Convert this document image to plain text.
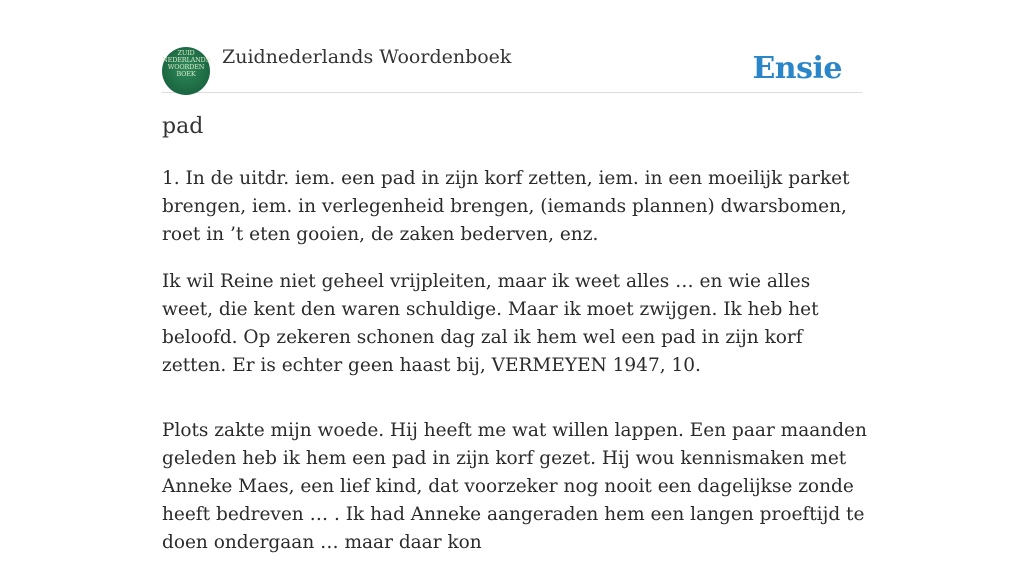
ZUID
NEDERLANDS
WOORDEN
BOEK
Zuidnederlands Woordenboek	Ensie
pad

1. In de uitdr. iem. een pad in zijn korf zetten, iem. in een moeilijk parket brengen, iem. in verlegenheid brengen, (iemands plannen) dwarsbomen, roet in ’t eten gooien, de zaken bederven, enz.

Ik wil Reine niet geheel vrijpleiten, maar ik weet alles … en wie alles weet, die kent den waren schuldige. Maar ik moet zwijgen. Ik heb het beloofd. Op zekeren schonen dag zal ik hem wel een pad in zijn korf zetten. Er is echter geen haast bij, VERMEYEN 1947, 10.

Plots zakte mijn woede. Hij heeft me wat willen lappen. Een paar maanden geleden heb ik hem een pad in zijn korf gezet. Hij wou kennismaken met Anneke Maes, een lief kind, dat voorzeker nog nooit een dagelijkse zonde heeft bedreven … . Ik had Anneke aangeraden hem een langen proeftijd te doen ondergaan … maar daar kon
